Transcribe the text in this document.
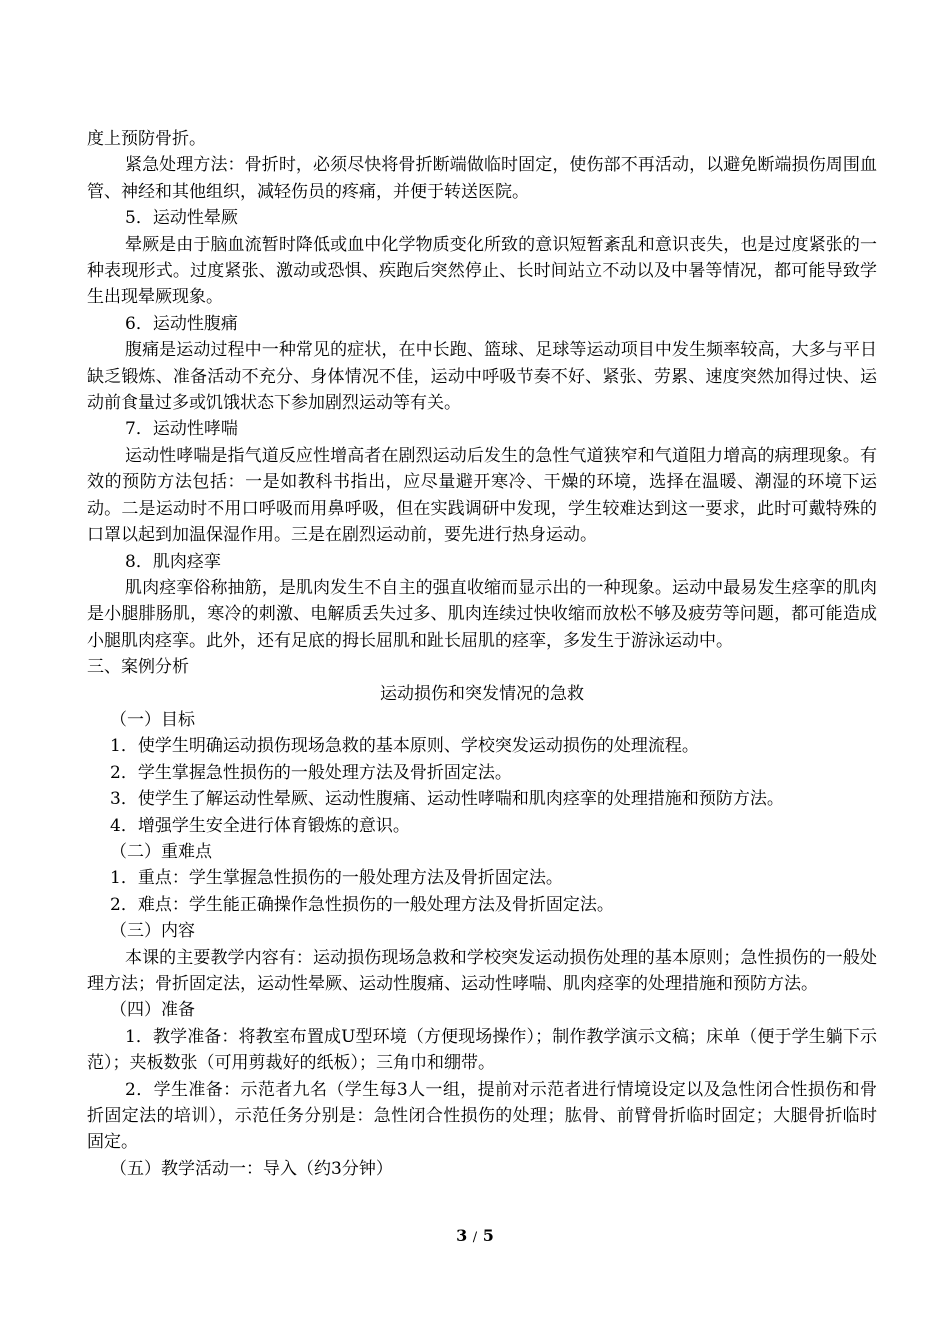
度上预防骨折。

紧急处理方法：骨折时，必须尽快将骨折断端做临时固定，使伤部不再活动，以避免断端损伤周围血管、神经和其他组织，减轻伤员的疼痛，并便于转送医院。

5．运动性晕厥

晕厥是由于脑血流暂时降低或血中化学物质变化所致的意识短暂紊乱和意识丧失，也是过度紧张的一种表现形式。过度紧张、激动或恐惧、疾跑后突然停止、长时间站立不动以及中暑等情况，都可能导致学生出现晕厥现象。

6．运动性腹痛

腹痛是运动过程中一种常见的症状，在中长跑、篮球、足球等运动项目中发生频率较高，大多与平日缺乏锻炼、准备活动不充分、身体情况不佳，运动中呼吸节奏不好、紧张、劳累、速度突然加得过快、运动前食量过多或饥饿状态下参加剧烈运动等有关。

7．运动性哮喘

运动性哮喘是指气道反应性增高者在剧烈运动后发生的急性气道狭窄和气道阻力增高的病理现象。有效的预防方法包括：一是如教科书指出，应尽量避开寒冷、干燥的环境，选择在温暖、潮湿的环境下运动。二是运动时不用口呼吸而用鼻呼吸，但在实践调研中发现，学生较难达到这一要求，此时可戴特殊的口罩以起到加温保湿作用。三是在剧烈运动前，要先进行热身运动。

8．肌肉痉挛

肌肉痉挛俗称抽筋，是肌肉发生不自主的强直收缩而显示出的一种现象。运动中最易发生痉挛的肌肉是小腿腓肠肌，寒冷的刺激、电解质丢失过多、肌肉连续过快收缩而放松不够及疲劳等问题，都可能造成小腿肌肉痉挛。此外，还有足底的拇长屈肌和趾长屈肌的痉挛，多发生于游泳运动中。

三、案例分析

运动损伤和突发情况的急救

（一）目标

1．使学生明确运动损伤现场急救的基本原则、学校突发运动损伤的处理流程。

2．学生掌握急性损伤的一般处理方法及骨折固定法。

3．使学生了解运动性晕厥、运动性腹痛、运动性哮喘和肌肉痉挛的处理措施和预防方法。

4．增强学生安全进行体育锻炼的意识。

（二）重难点

1．重点：学生掌握急性损伤的一般处理方法及骨折固定法。

2．难点：学生能正确操作急性损伤的一般处理方法及骨折固定法。

（三）内容

本课的主要教学内容有：运动损伤现场急救和学校突发运动损伤处理的基本原则；急性损伤的一般处理方法；骨折固定法，运动性晕厥、运动性腹痛、运动性哮喘、肌肉痉挛的处理措施和预防方法。

（四）准备

1．教学准备：将教室布置成U型环境（方便现场操作）；制作教学演示文稿；床单（便于学生躺下示范）；夹板数张（可用剪裁好的纸板）；三角巾和绷带。

2．学生准备：示范者九名（学生每3人一组，提前对示范者进行情境设定以及急性闭合性损伤和骨折固定法的培训），示范任务分别是：急性闭合性损伤的处理；肱骨、前臂骨折临时固定；大腿骨折临时固定。

（五）教学活动一：导入（约3分钟）

3 / 5
